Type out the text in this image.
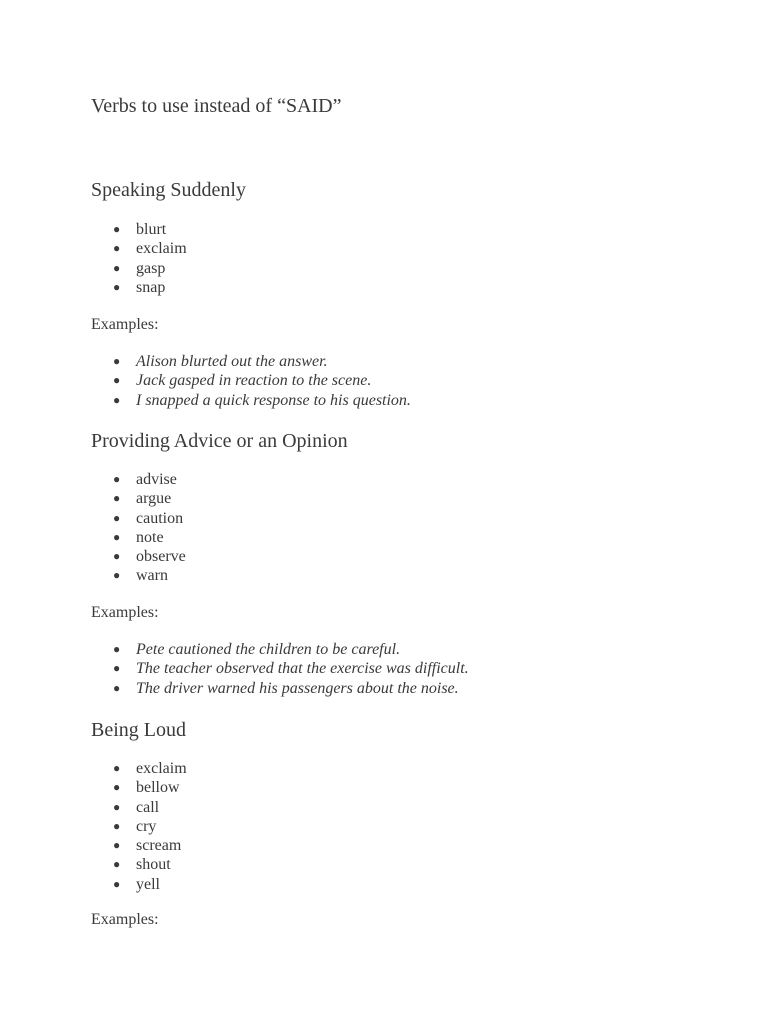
Verbs to use instead of “SAID”
Speaking Suddenly
● blurt
● exclaim
● gasp
● snap

Examples:

● Alison blurted out the answer.
● Jack gasped in reaction to the scene.
● I snapped a quick response to his question.
Providing Advice or an Opinion
● advise
● argue
● caution
● note
● observe
● warn

Examples:

● Pete cautioned the children to be careful.
● The teacher observed that the exercise was difficult.
● The driver warned his passengers about the noise.
Being Loud
● exclaim
● bellow
● call
● cry
● scream
● shout
● yell

Examples:
